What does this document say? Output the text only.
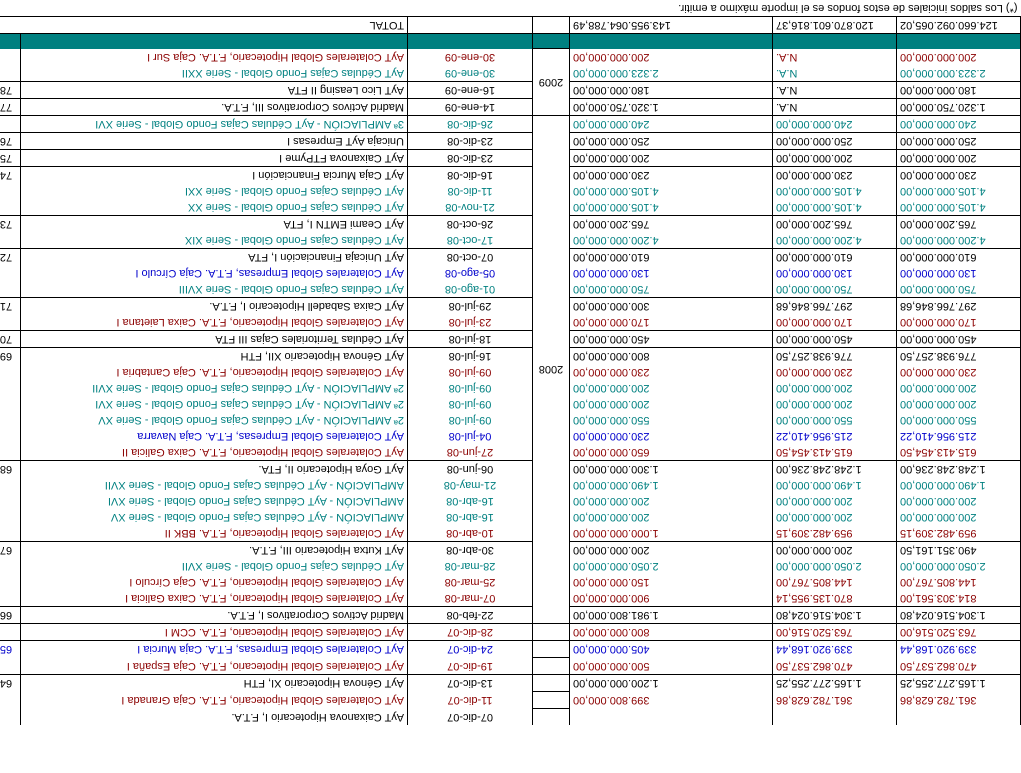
				07-dic-07	AyT Caixanova Hipotecario I, F.T.A.	
361.782.628,86	361.782.628,86	399.800.000,00		11-dic-07	AyT Colaterales Global Hipotecario, F.T.A. Caja Granada I	
1.165.277.255,25	1.165.277.255,25	1.200.000.000,00		13-dic-07	AyT Génova Hipotecario XI, FTH	64
470.862.537,50	470.862.537,50	500.000.000,00		19-dic-07	AyT Colaterales Global Hipotecario, F.T.A. Caja España I	
339.920.168,44	339.920.168,44	405.000.000,00		24-dic-07	AyT Colaterales Global Empresas, F.T.A. Caja Murcia I	65
763.520.516,00	763.520.516,00	800.000.000,00		28-dic-07	AyT Colaterales Global Hipotecario, F.T.A. CCM I	
1.304.516.024,80	1.304.516.024,80	1.981.800.000,00	2008	22-feb-08	Madrid Activos Corporativos I, F.T.A.	66
814.303.561,00	870.135.955,14	900.000.000,00		07-mar-08	AyT Colaterales Global Hipotecario, F.T.A. Caixa Galicia I	
144.805.767,00	144.805.767,00	150.000.000,00		25-mar-08	AyT Colaterales Global Hipotecario, F.T.A. Caja Círculo I	
2.050.000.000,00	2.050.000.000,00	2.050.000.000,00		28-mar-08	AyT Cédulas Cajas Fondo Global - Serie XVII	
490.351.161,50	200.000.000,00	200.000.000,00		30-abr-08	AyT Kutxa Hipotecario III, F.T.A.	67
959.482.309,15	959.482.309,15	1.000.000.000,00		10-abr-08	AyT Colaterales Global Hipotecario, F.T.A. BBK II	
200.000.000,00	200.000.000,00	200.000.000,00		16-abr-08	AMPLIACIÓN - AyT Cédulas Cajas Fondo Global - Serie XV	
200.000.000,00	200.000.000,00	200.000.000,00		16-abr-08	AMPLIACIÓN - AyT Cédulas Cajas Fondo Global - Serie XVI	
1.490.000.000,00	1.490.000.000,00	1.490.000.000,00		21-may-08	AMPLIACIÓN - AyT Cédulas Cajas Fondo Global - Serie XVII	
1.248.248.236,00	1.248.248.236,00	1.300.000.000,00		06-jun-08	AyT Goya Hipotecario II, FTA.	68
615.413.454,50	615.413.454,50	650.000.000,00		27-jun-08	AyT Colaterales Global Hipotecario, F.T.A. Caixa Galicia II	
215.956.410,22	215.956.410,22	230.000.000,00		04-jul-08	AyT Colaterales Global Empresas, F.T.A. Caja Navarra	
550.000.000,00	550.000.000,00	550.000.000,00		09-jul-08	2ª AMPLIACIÓN - AyT Cédulas Cajas Fondo Global - Serie XV	
200.000.000,00	200.000.000,00	200.000.000,00		09-jul-08	2ª AMPLIACIÓN - AyT Cédulas Cajas Fondo Global - Serie XVI	
200.000.000,00	200.000.000,00	200.000.000,00		09-jul-08	2ª AMPLIACIÓN - AyT Cédulas Cajas Fondo Global - Serie XVII	
230.000.000,00	230.000.000,00	230.000.000,00		09-jul-08	AyT Colaterales Global Hipotecario, F.T.A. Caja Cantabria I	
776.938.257,50	776.938.257,50	800.000.000,00		16-jul-08	AyT Génova Hipotecario XII, FTH	69
450.000.000,00	450.000.000,00	450.000.000,00		18-jul-08	AyT Cédulas Territoriales Cajas III FTA	70
170.000.000,00	170.000.000,00	170.000.000,00		23-jul-08	AyT Colaterales Global Hipotecario, F.T.A. Caixa Laietana I	
297.766.846,68	297.766.846,68	300.000.000,00		29-jul-08	AyT Caixa Sabadell Hipotecario I, F.T.A.	71
750.000.000,00	750.000.000,00	750.000.000,00		01-ago-08	AyT Cédulas Cajas Fondo Global - Serie XVIII	
130.000.000,00	130.000.000,00	130.000.000,00		05-ago-08	AyT Colaterales Global Empresas, F.T.A. Caja Círculo I	
610.000.000,00	610.000.000,00	610.000.000,00		07-oct-08	AyT Unicaja Financiación I, FTA	72
4.200.000.000,00	4.200.000.000,00	4.200.000.000,00		17-oct-08	AyT Cédulas Cajas Fondo Global - Serie XIX	
765.200.000,00	765.200.000,00	765.200.000,00		26-oct-08	AyT Ceami EMTN I, FTA	73
4.105.000.000,00	4.105.000.000,00	4.105.000.000,00		21-nov-08	AyT Cédulas Cajas Fondo Global - Serie XX	
4.105.000.000,00	4.105.000.000,00	4.105.000.000,00		11-dic-08	AyT Cédulas Cajas Fondo Global - Serie XXI	
230.000.000,00	230.000.000,00	230.000.000,00		16-dic-08	AyT Caja Murcia Financiación I	74
200.000.000,00	200.000.000,00	200.000.000,00		23-dic-08	AyT Caixanova FTPyme I	75
250.000.000,00	250.000.000,00	250.000.000,00		23-dic-08	Unicaja AyT Empresas I	76
240.000.000,00	240.000.000,00	240.000.000,00		26-dic-08	3ª AMPLIACIÓN - AyT Cédulas Cajas Fondo Global - Serie XVI	
1.320.750.000,00	N.A.	1.320.750.000,00	2009	14-ene-09	Madrid Activos Corporativos III, F.T.A.	77
180.000.000,00	N.A.	180.000.000,00		16-ene-09	AyT Lico Leasing II FTA	78
2.323.000.000,00	N.A.	2.323.000.000,00		30-ene-09	AyT Cédulas Cajas Fondo Global - Serie XXII	
200.000.000,00	N.A.	200.000.000,00		30-ene-09	AyT Colaterales Global Hipotecario, F.T.A. Caja Sur I	

124.660.092.065,02	120.870.601.816,37	143.955.064.788,49			TOTAL	
(*) Los saldos iniciales de estos fondos es el importe máximo a emitir.						
